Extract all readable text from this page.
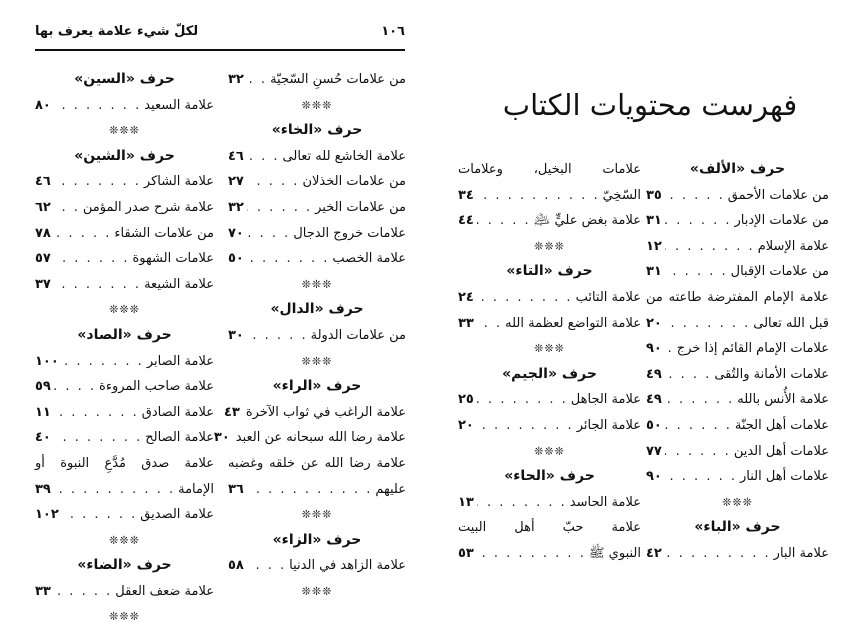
١٠٦
لكلّ شيء علامة يعرف بها
من علامات حُسنِ السّجيّة
. . .
٣٢
❊❊❊
حرف «الخاء»
علامة الخاشع لله تعالى
. . .
٤٦
من علامات الخذلان
. . .
٢٧
من علامات الخير
. . .
٣٢
علامات خروج الدجال
. . .
٧٠
علامة الخصب
. . .
٥٠
❊❊❊
حرف «الدال»
من علامات الدولة
. . .
٣٠
❊❊❊
حرف «الراء»
علامة الراغب في ثواب الآخرة
٤٣
علامة رضا الله سبحانه عن العبد
٣٠
علامة رضا الله عن خلقه وغضبه
عليهم
. . .
٣٦
❊❊❊
حرف «الزاء»
علامة الزاهد في الدنيا
. . .
٥٨
❊❊❊
حرف «السين»
علامة السعيد
. . .
٨٠
❊❊❊
حرف «الشين»
علامة الشاكر
. . .
٤٦
علامة شرح صدر المؤمن
. . .
٦٢
من علامات الشقاء
. . .
٧٨
علامات الشهوة
. . .
٥٧
علامة الشيعة
. . .
٣٧
❊❊❊
حرف «الصاد»
علامة الصابر
. . .
١٠٠
علامة صاحب المروءة
. . .
٥٩
علامة الصادق
. . .
١١
علامة الصالح
. . .
٤٠
علامة صدق مُدَّعِ النبوة أو
الإمامة
. . .
٣٩
علامة الصديق
. . .
١٠٢
❊❊❊
حرف «الضاء»
علامة ضعف العقل
. . .
٣٣
❊❊❊
فهرست محتويات الكتاب
حرف «الألف»
من علامات الأحمق
. . .
٣٥
من علامات الإدبار
. . .
٣١
علامة الإسلام
. . .
١٢
من علامات الإقبال
. . .
٣١
علامة الإمام المفترضة طاعته من
قبل الله تعالى
. . .
٢٠
علامات الإمام القائم إذا خرج
. . .
٩٠
علامات الأمانة والتُقى
. . .
٤٩
علامة الأُنس بالله
. . .
٤٩
علامات أهل الجنّة
. . .
٥٠
علامات أهل الدين
. . .
٧٧
علامات أهل النار
. . .
٩٠
❊❊❊
حرف «الباء»
علامة البار
. . .
٤٢
علامات البخيل، وعلامات
السّخِيّ
. . .
٣٤
علامة بغض عليٍّ ﵇
. . .
٤٤
❊❊❊
حرف «التاء»
علامة التائب
. . .
٢٤
علامة التواضع لعظمة الله
. . .
٣٣
❊❊❊
حرف «الجيم»
علامة الجاهل
. . .
٢٥
علامة الجائر
. . .
٢٠
❊❊❊
حرف «الحاء»
علامة الحاسد
. . .
١٣
علامة حبّ أهل البيت
النبوي ﷺ
. . .
٥٣
